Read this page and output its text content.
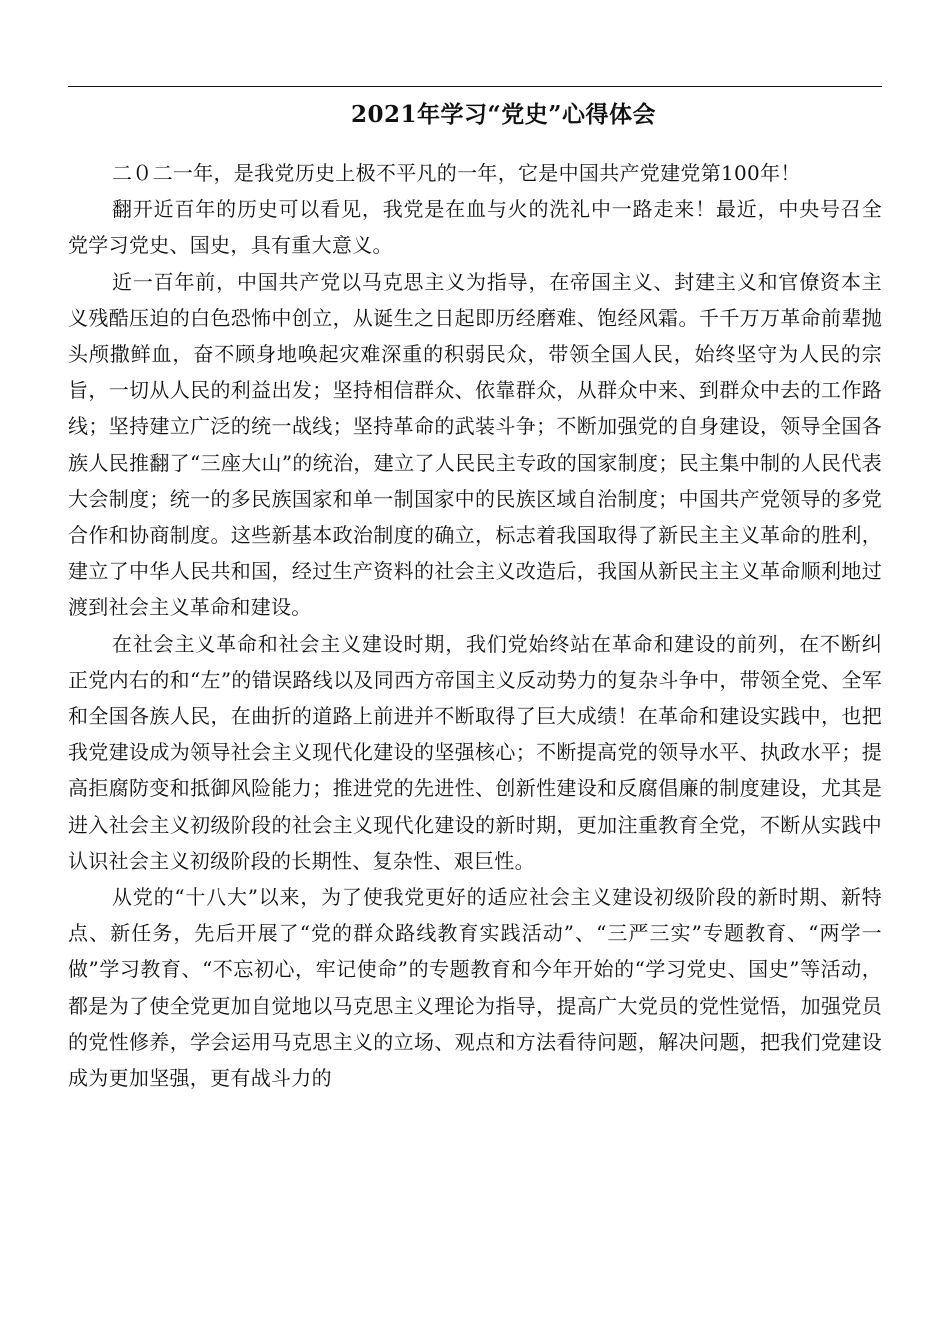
2021年学习“党史”心得体会

二０二一年，是我党历史上极不平凡的一年，它是中国共产党建党第100年！

翻开近百年的历史可以看见，我党是在血与火的洗礼中一路走来！最近，中央号召全党学习党史、国史，具有重大意义。

近一百年前，中国共产党以马克思主义为指导，在帝国主义、封建主义和官僚资本主义残酷压迫的白色恐怖中创立，从诞生之日起即历经磨难、饱经风霜。千千万万革命前辈抛头颅撒鲜血，奋不顾身地唤起灾难深重的积弱民众，带领全国人民，始终坚守为人民的宗旨，一切从人民的利益出发；坚持相信群众、依靠群众，从群众中来、到群众中去的工作路线；坚持建立广泛的统一战线；坚持革命的武装斗争；不断加强党的自身建设，领导全国各族人民推翻了“三座大山”的统治，建立了人民民主专政的国家制度；民主集中制的人民代表大会制度；统一的多民族国家和单一制国家中的民族区域自治制度；中国共产党领导的多党合作和协商制度。这些新基本政治制度的确立，标志着我国取得了新民主主义革命的胜利，建立了中华人民共和国，经过生产资料的社会主义改造后，我国从新民主主义革命顺利地过渡到社会主义革命和建设。

在社会主义革命和社会主义建设时期，我们党始终站在革命和建设的前列，在不断纠正党内右的和“左”的错误路线以及同西方帝国主义反动势力的复杂斗争中，带领全党、全军和全国各族人民，在曲折的道路上前进并不断取得了巨大成绩！在革命和建设实践中，也把我党建设成为领导社会主义现代化建设的坚强核心；不断提高党的领导水平、执政水平；提高拒腐防变和抵御风险能力；推进党的先进性、创新性建设和反腐倡廉的制度建设，尤其是进入社会主义初级阶段的社会主义现代化建设的新时期，更加注重教育全党，不断从实践中认识社会主义初级阶段的长期性、复杂性、艰巨性。

从党的“十八大”以来，为了使我党更好的适应社会主义建设初级阶段的新时期、新特点、新任务，先后开展了“党的群众路线教育实践活动”、“三严三实”专题教育、“两学一做”学习教育、“不忘初心，牢记使命”的专题教育和今年开始的“学习党史、国史”等活动，都是为了使全党更加自觉地以马克思主义理论为指导，提高广大党员的党性觉悟，加强党员的党性修养，学会运用马克思主义的立场、观点和方法看待问题，解决问题，把我们党建设成为更加坚强，更有战斗力的
